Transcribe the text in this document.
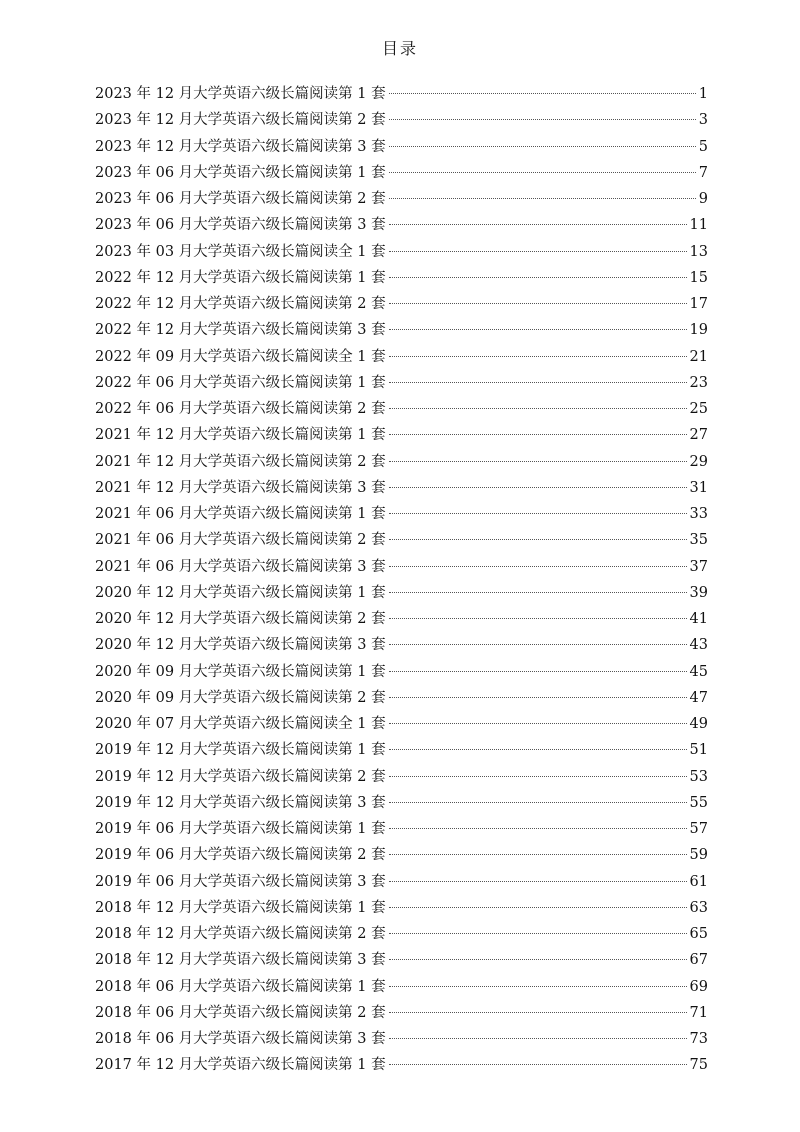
目录
2023 年 12 月大学英语六级长篇阅读第 1 套	1
2023 年 12 月大学英语六级长篇阅读第 2 套	3
2023 年 12 月大学英语六级长篇阅读第 3 套	5
2023 年 06 月大学英语六级长篇阅读第 1 套	7
2023 年 06 月大学英语六级长篇阅读第 2 套	9
2023 年 06 月大学英语六级长篇阅读第 3 套	11
2023 年 03 月大学英语六级长篇阅读全 1 套	13
2022 年 12 月大学英语六级长篇阅读第 1 套	15
2022 年 12 月大学英语六级长篇阅读第 2 套	17
2022 年 12 月大学英语六级长篇阅读第 3 套	19
2022 年 09 月大学英语六级长篇阅读全 1 套	21
2022 年 06 月大学英语六级长篇阅读第 1 套	23
2022 年 06 月大学英语六级长篇阅读第 2 套	25
2021 年 12 月大学英语六级长篇阅读第 1 套	27
2021 年 12 月大学英语六级长篇阅读第 2 套	29
2021 年 12 月大学英语六级长篇阅读第 3 套	31
2021 年 06 月大学英语六级长篇阅读第 1 套	33
2021 年 06 月大学英语六级长篇阅读第 2 套	35
2021 年 06 月大学英语六级长篇阅读第 3 套	37
2020 年 12 月大学英语六级长篇阅读第 1 套	39
2020 年 12 月大学英语六级长篇阅读第 2 套	41
2020 年 12 月大学英语六级长篇阅读第 3 套	43
2020 年 09 月大学英语六级长篇阅读第 1 套	45
2020 年 09 月大学英语六级长篇阅读第 2 套	47
2020 年 07 月大学英语六级长篇阅读全 1 套	49
2019 年 12 月大学英语六级长篇阅读第 1 套	51
2019 年 12 月大学英语六级长篇阅读第 2 套	53
2019 年 12 月大学英语六级长篇阅读第 3 套	55
2019 年 06 月大学英语六级长篇阅读第 1 套	57
2019 年 06 月大学英语六级长篇阅读第 2 套	59
2019 年 06 月大学英语六级长篇阅读第 3 套	61
2018 年 12 月大学英语六级长篇阅读第 1 套	63
2018 年 12 月大学英语六级长篇阅读第 2 套	65
2018 年 12 月大学英语六级长篇阅读第 3 套	67
2018 年 06 月大学英语六级长篇阅读第 1 套	69
2018 年 06 月大学英语六级长篇阅读第 2 套	71
2018 年 06 月大学英语六级长篇阅读第 3 套	73
2017 年 12 月大学英语六级长篇阅读第 1 套	75
